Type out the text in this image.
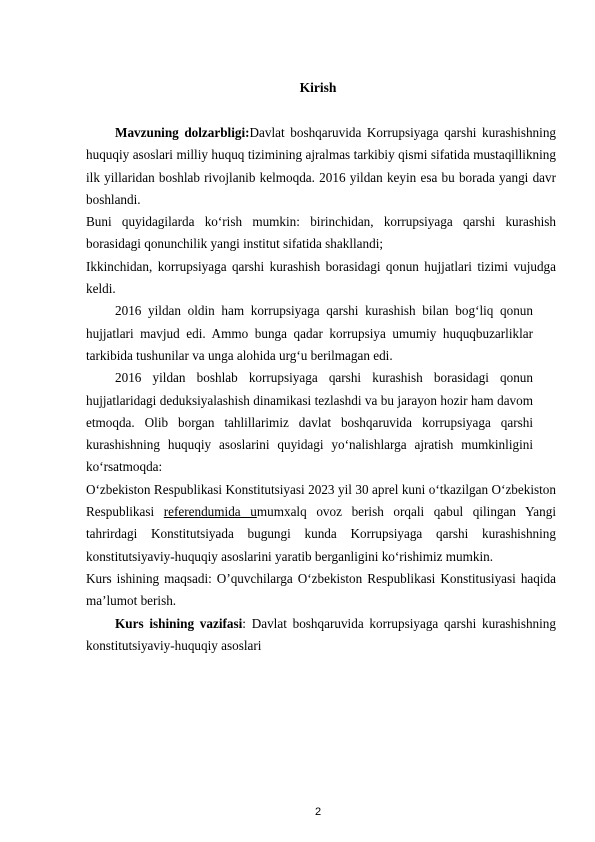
Kirish

Mavzuning dolzarbligi:Davlat boshqaruvida Korrupsiyaga qarshi kurashishning huquqiy asoslari milliy huquq tizimining ajralmas tarkibiy qismi sifatida mustaqillikning ilk yillaridan boshlab rivojlanib kelmoqda. 2016 yildan keyin esa bu borada yangi davr boshlandi.

Buni quyidagilarda ko‘rish mumkin: birinchidan, korrupsiyaga qarshi kurashish borasidagi qonunchilik yangi institut sifatida shakllandi;

Ikkinchidan, korrupsiyaga qarshi kurashish borasidagi qonun hujjatlari tizimi vujudga keldi.

2016 yildan oldin ham korrupsiyaga qarshi kurashish bilan bog‘liq qonun hujjatlari mavjud edi. Ammo bunga qadar korrupsiya umumiy huquqbuzarliklar tarkibida tushunilar va unga alohida urg‘u berilmagan edi.

2016 yildan boshlab korrupsiyaga qarshi kurashish borasidagi qonun hujjatlaridagi deduksiyalashish dinamikasi tezlashdi va bu jarayon hozir ham davom etmoqda. Olib borgan tahlillarimiz davlat boshqaruvida korrupsiyaga qarshi kurashishning huquqiy asoslarini quyidagi yo‘nalishlarga ajratish mumkinligini ko‘rsatmoqda:

O‘zbekiston Respublikasi Konstitutsiyasi 2023 yil 30 aprel kuni o‘tkazilgan O‘zbekiston Respublikasi referendumida umumxalq ovoz berish orqali qabul qilingan Yangi tahrirdagi Konstitutsiyada bugungi kunda Korrupsiyaga qarshi kurashishning konstitutsiyaviy-huquqiy asoslarini yaratib berganligini ko‘rishimiz mumkin.

Kurs ishining maqsadi: O’quvchilarga O‘zbekiston Respublikasi Konstitusiyasi haqida ma’lumot berish.

Kurs ishining vazifasi: Davlat boshqaruvida korrupsiyaga qarshi kurashishning konstitutsiyaviy-huquqiy asoslari

2
